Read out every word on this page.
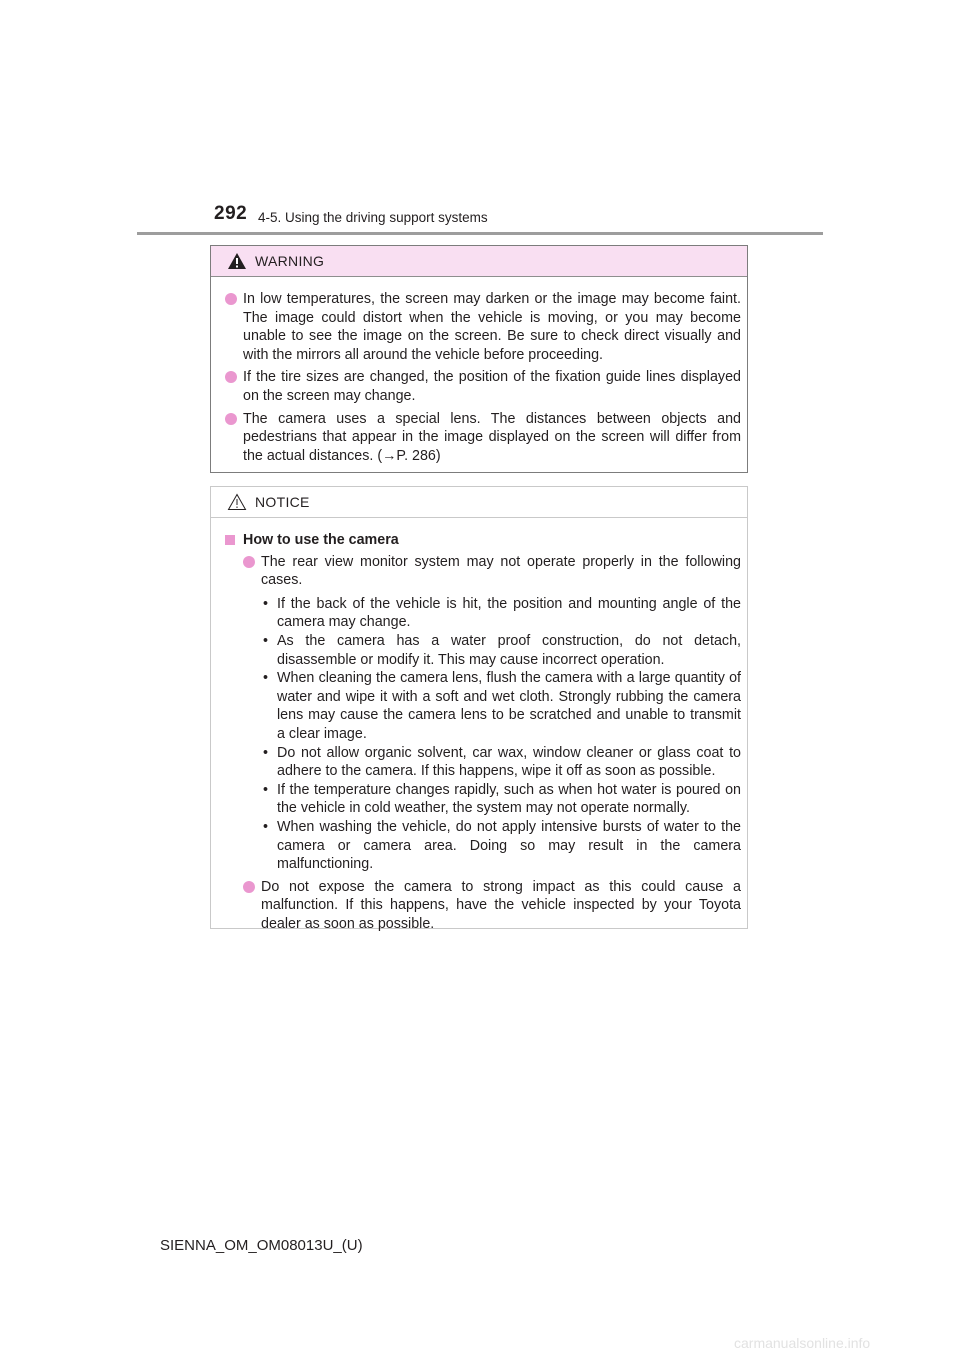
292 4-5. Using the driving support systems
WARNING
In low temperatures, the screen may darken or the image may become faint. The image could distort when the vehicle is moving, or you may become unable to see the image on the screen. Be sure to check direct visually and with the mirrors all around the vehicle before proceeding.
If the tire sizes are changed, the position of the fixation guide lines displayed on the screen may change.
The camera uses a special lens. The distances between objects and pedestrians that appear in the image displayed on the screen will differ from the actual distances. (→P. 286)
NOTICE
How to use the camera
The rear view monitor system may not operate properly in the following cases.
• If the back of the vehicle is hit, the position and mounting angle of the camera may change.
• As the camera has a water proof construction, do not detach, disassemble or modify it. This may cause incorrect operation.
• When cleaning the camera lens, flush the camera with a large quantity of water and wipe it with a soft and wet cloth. Strongly rubbing the camera lens may cause the camera lens to be scratched and unable to transmit a clear image.
• Do not allow organic solvent, car wax, window cleaner or glass coat to adhere to the camera. If this happens, wipe it off as soon as possible.
• If the temperature changes rapidly, such as when hot water is poured on the vehicle in cold weather, the system may not operate normally.
• When washing the vehicle, do not apply intensive bursts of water to the camera or camera area. Doing so may result in the camera malfunctioning.
Do not expose the camera to strong impact as this could cause a malfunction. If this happens, have the vehicle inspected by your Toyota dealer as soon as possible.
SIENNA_OM_OM08013U_(U)
carmanualsonline.info
